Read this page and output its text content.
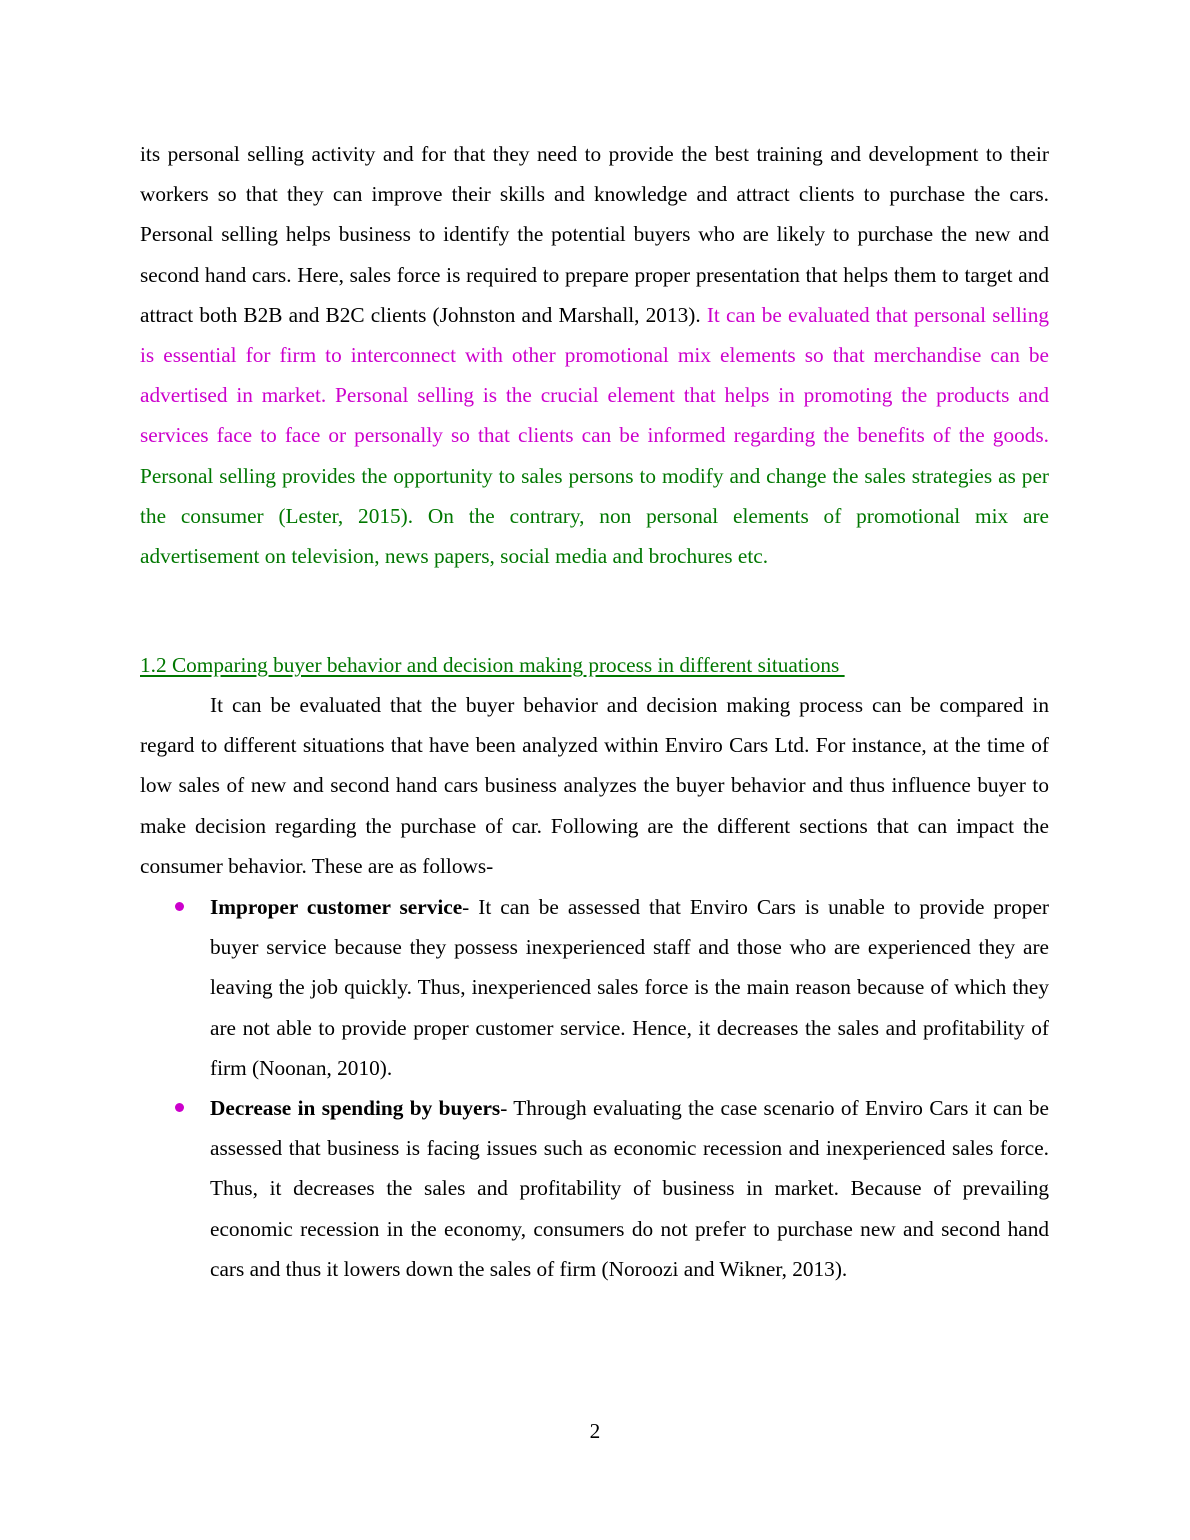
its personal selling activity and for that they need to provide the best training and development to their workers so that they can improve their skills and knowledge and attract clients to purchase the cars. Personal selling helps business to identify the potential buyers who are likely to purchase the new and second hand cars. Here, sales force is required to prepare proper presentation that helps them to target and attract both B2B and B2C clients (Johnston and Marshall, 2013). It can be evaluated that personal selling is essential for firm to interconnect with other promotional mix elements so that merchandise can be advertised in market. Personal selling is the crucial element that helps in promoting the products and services face to face or personally so that clients can be informed regarding the benefits of the goods. Personal selling provides the opportunity to sales persons to modify and change the sales strategies as per the consumer (Lester, 2015). On the contrary, non personal elements of promotional mix are advertisement on television, news papers, social media and brochures etc.

1.2 Comparing buyer behavior and decision making process in different situations

It can be evaluated that the buyer behavior and decision making process can be compared in regard to different situations that have been analyzed within Enviro Cars Ltd. For instance, at the time of low sales of new and second hand cars business analyzes the buyer behavior and thus influence buyer to make decision regarding the purchase of car. Following are the different sections that can impact the consumer behavior. These are as follows-

Improper customer service- It can be assessed that Enviro Cars is unable to provide proper buyer service because they possess inexperienced staff and those who are experienced they are leaving the job quickly. Thus, inexperienced sales force is the main reason because of which they are not able to provide proper customer service. Hence, it decreases the sales and profitability of firm (Noonan, 2010).
Decrease in spending by buyers- Through evaluating the case scenario of Enviro Cars it can be assessed that business is facing issues such as economic recession and inexperienced sales force. Thus, it decreases the sales and profitability of business in market. Because of prevailing economic recession in the economy, consumers do not prefer to purchase new and second hand cars and thus it lowers down the sales of firm (Noroozi and Wikner, 2013).
2
